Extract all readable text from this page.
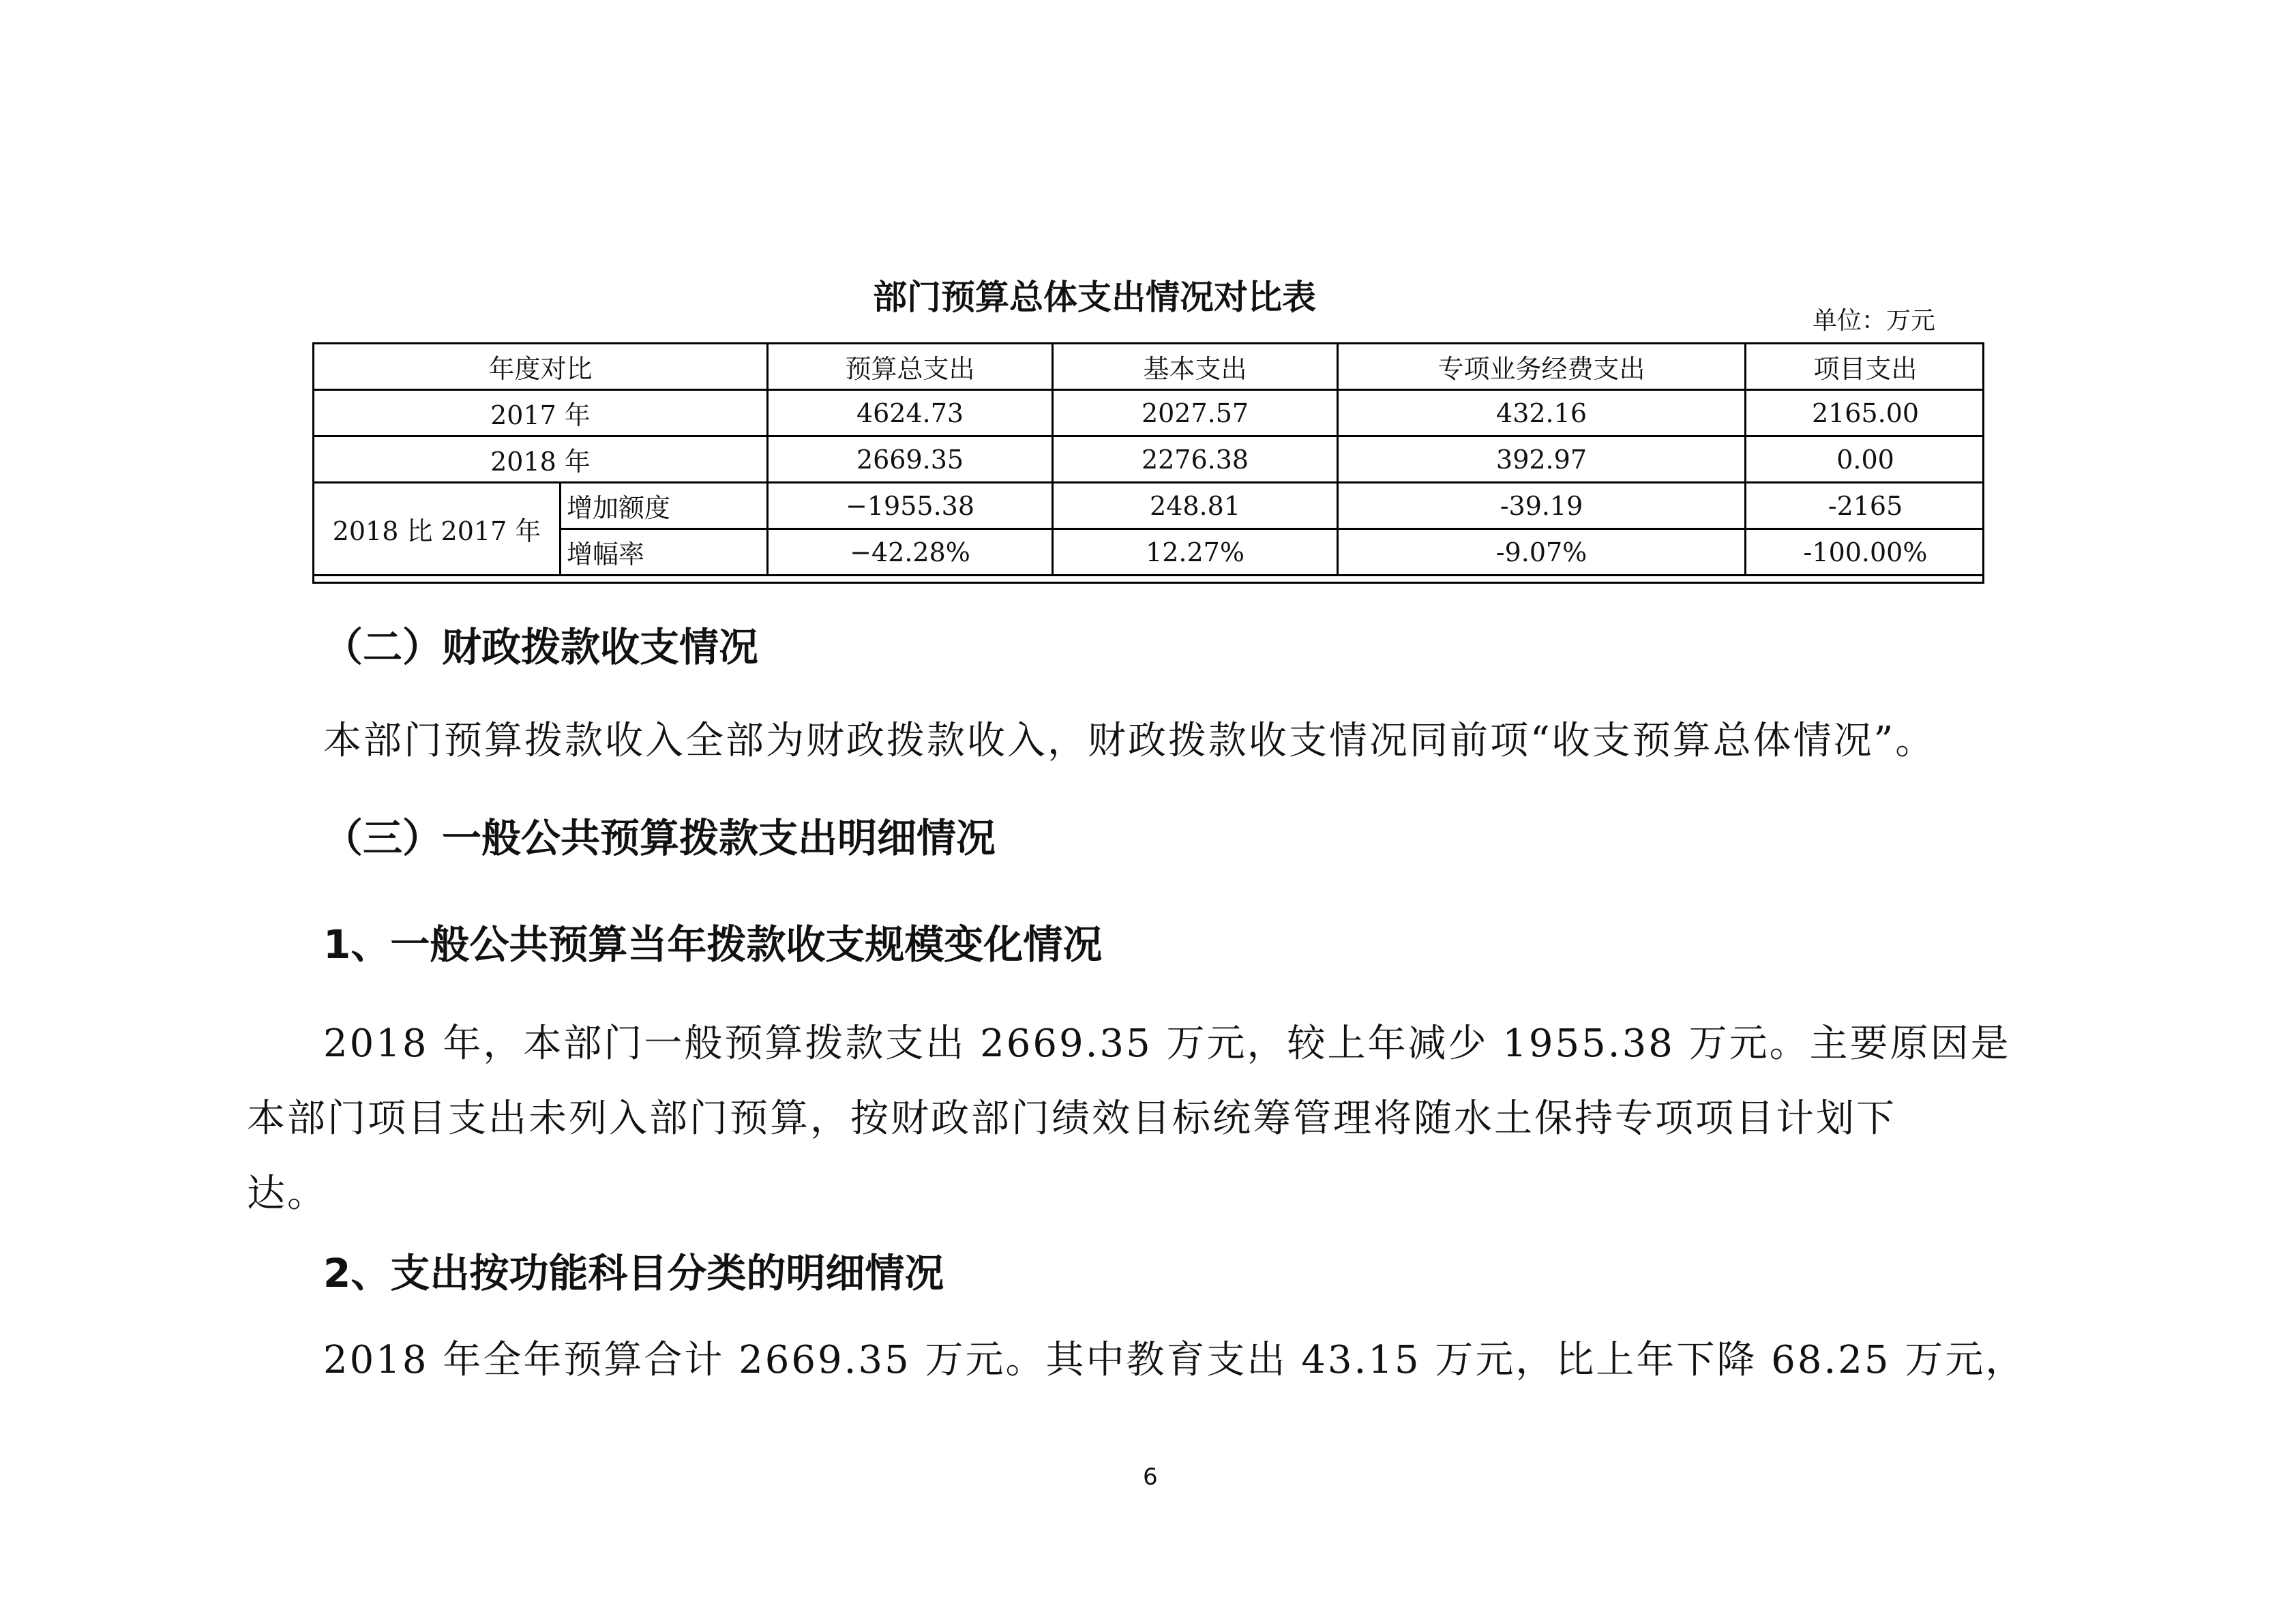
部门预算总体支出情况对比表
单位：万元
年度对比		预算总支出	基本支出	专项业务经费支出	项目支出
2017 年		4624.73	2027.57	432.16	2165.00
2018 年		2669.35	2276.38	392.97	0.00
2018 比 2017 年	增加额度	−1955.38	248.81	-39.19	-2165
	增幅率	−42.28%	12.27%	-9.07%	-100.00%
（二）财政拨款收支情况
本部门预算拨款收入全部为财政拨款收入，财政拨款收支情况同前项“收支预算总体情况”。
（三）一般公共预算拨款支出明细情况
1、一般公共预算当年拨款收支规模变化情况
2018 年，本部门一般预算拨款支出 2669.35 万元，较上年减少 1955.38 万元。主要原因是
本部门项目支出未列入部门预算，按财政部门绩效目标统筹管理将随水土保持专项项目计划下
达。
2、支出按功能科目分类的明细情况
2018 年全年预算合计 2669.35 万元。其中教育支出 43.15 万元，比上年下降 68.25 万元，
6
